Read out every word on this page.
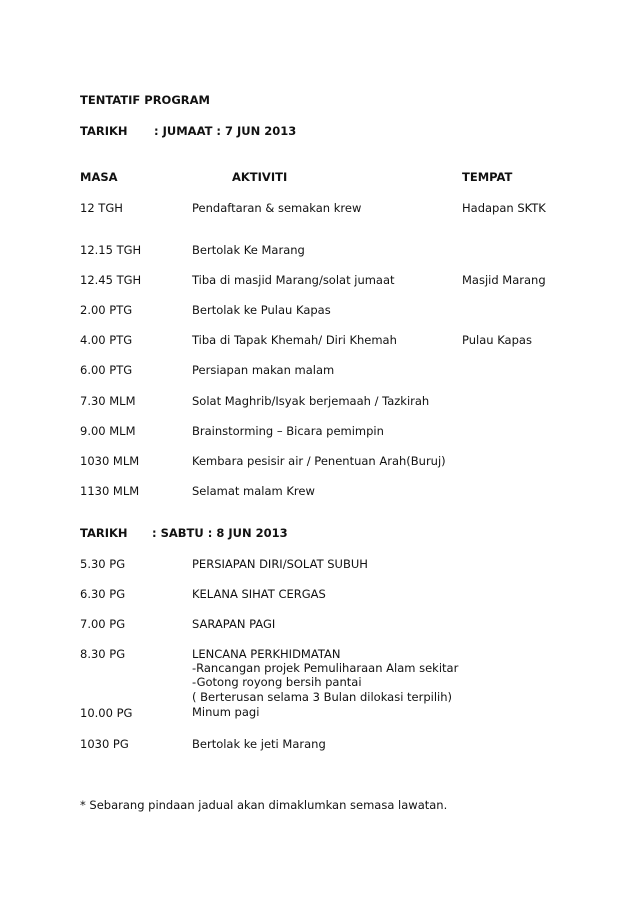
TENTATIF PROGRAM
TARIKH : JUMAAT : 7 JUN 2013
MASA	AKTIVITI	TEMPAT
12 TGH	Pendaftaran & semakan krew	Hadapan SKTK
12.15 TGH	Bertolak Ke Marang
12.45 TGH	Tiba di masjid Marang/solat jumaat	Masjid Marang
2.00 PTG	Bertolak ke Pulau Kapas
4.00 PTG	Tiba di Tapak Khemah/ Diri Khemah	Pulau Kapas
6.00 PTG	Persiapan makan malam
7.30 MLM	Solat Maghrib/Isyak berjemaah / Tazkirah
9.00 MLM	Brainstorming – Bicara pemimpin
1030 MLM	Kembara pesisir air / Penentuan Arah(Buruj)
1130 MLM	Selamat malam Krew
TARIKH : SABTU : 8 JUN 2013
5.30 PG	PERSIAPAN DIRI/SOLAT SUBUH
6.30 PG	KELANA SIHAT CERGAS
7.00 PG	SARAPAN PAGI
8.30 PG	LENCANA PERKHIDMATAN
-Rancangan projek Pemuliharaan Alam sekitar
-Gotong royong bersih pantai
( Berterusan selama 3 Bulan dilokasi terpilih)
10.00 PG	Minum pagi
1030 PG	Bertolak ke jeti Marang
* Sebarang pindaan jadual akan dimaklumkan semasa lawatan.
